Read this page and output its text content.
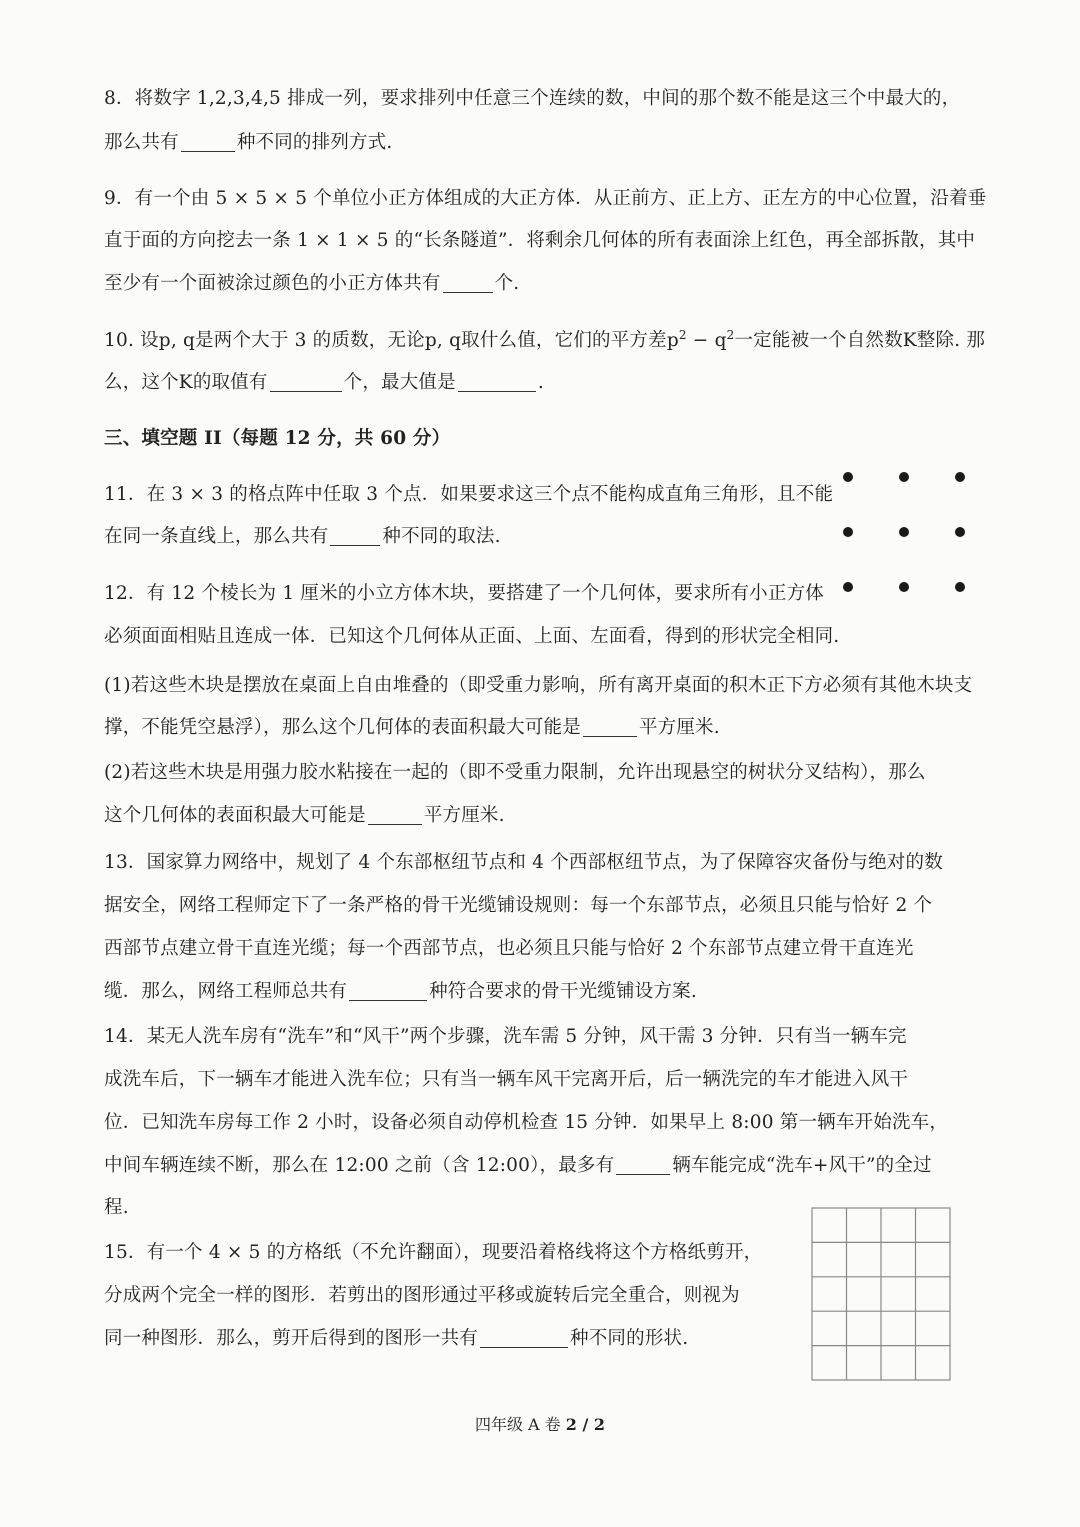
8．将数字 1,2,3,4,5 排成一列，要求排列中任意三个连续的数，中间的那个数不能是这三个中最大的，
那么共有	种不同的排列方式.
9．有一个由 5 × 5 × 5 个单位小正方体组成的大正方体．从正前方、正上方、正左方的中心位置，沿着垂
直于面的方向挖去一条 1 × 1 × 5 的“长条隧道”．将剩余几何体的所有表面涂上红色，再全部拆散，其中
至少有一个面被涂过颜色的小正方体共有	个.
10. 设p, q是两个大于 3 的质数，无论p, q取什么值，它们的平方差$p^2 - q^2$一定能被一个自然数K整除. 那
么，这个K的取值有	个，最大值是	.
三、填空题 II（每题 12 分，共 60 分）
11．在 3 × 3 的格点阵中任取 3 个点．如果要求这三个点不能构成直角三角形，且不能
在同一条直线上，那么共有	种不同的取法.
12．有 12 个棱长为 1 厘米的小立方体木块，要搭建了一个几何体，要求所有小正方体
必须面面相贴且连成一体．已知这个几何体从正面、上面、左面看，得到的形状完全相同.
(1)若这些木块是摆放在桌面上自由堆叠的（即受重力影响，所有离开桌面的积木正下方必须有其他木块支
撑，不能凭空悬浮），那么这个几何体的表面积最大可能是	平方厘米.
(2)若这些木块是用强力胶水粘接在一起的（即不受重力限制，允许出现悬空的树状分叉结构），那么
这个几何体的表面积最大可能是	平方厘米.
13．国家算力网络中，规划了 4 个东部枢纽节点和 4 个西部枢纽节点，为了保障容灾备份与绝对的数
据安全，网络工程师定下了一条严格的骨干光缆铺设规则：每一个东部节点，必须且只能与恰好 2 个
西部节点建立骨干直连光缆；每一个西部节点，也必须且只能与恰好 2 个东部节点建立骨干直连光
缆．那么，网络工程师总共有	种符合要求的骨干光缆铺设方案.
14．某无人洗车房有“洗车”和“风干”两个步骤，洗车需 5 分钟，风干需 3 分钟．只有当一辆车完
成洗车后，下一辆车才能进入洗车位；只有当一辆车风干完离开后，后一辆洗完的车才能进入风干
位．已知洗车房每工作 2 小时，设备必须自动停机检查 15 分钟．如果早上 8:00 第一辆车开始洗车，
中间车辆连续不断，那么在 12:00 之前（含 12:00），最多有	辆车能完成“洗车+风干”的全过
程.
15．有一个 4 × 5 的方格纸（不允许翻面），现要沿着格线将这个方格纸剪开，
分成两个完全一样的图形．若剪出的图形通过平移或旋转后完全重合，则视为
同一种图形．那么，剪开后得到的图形一共有	种不同的形状.
四年级 A 卷 2 / 2
